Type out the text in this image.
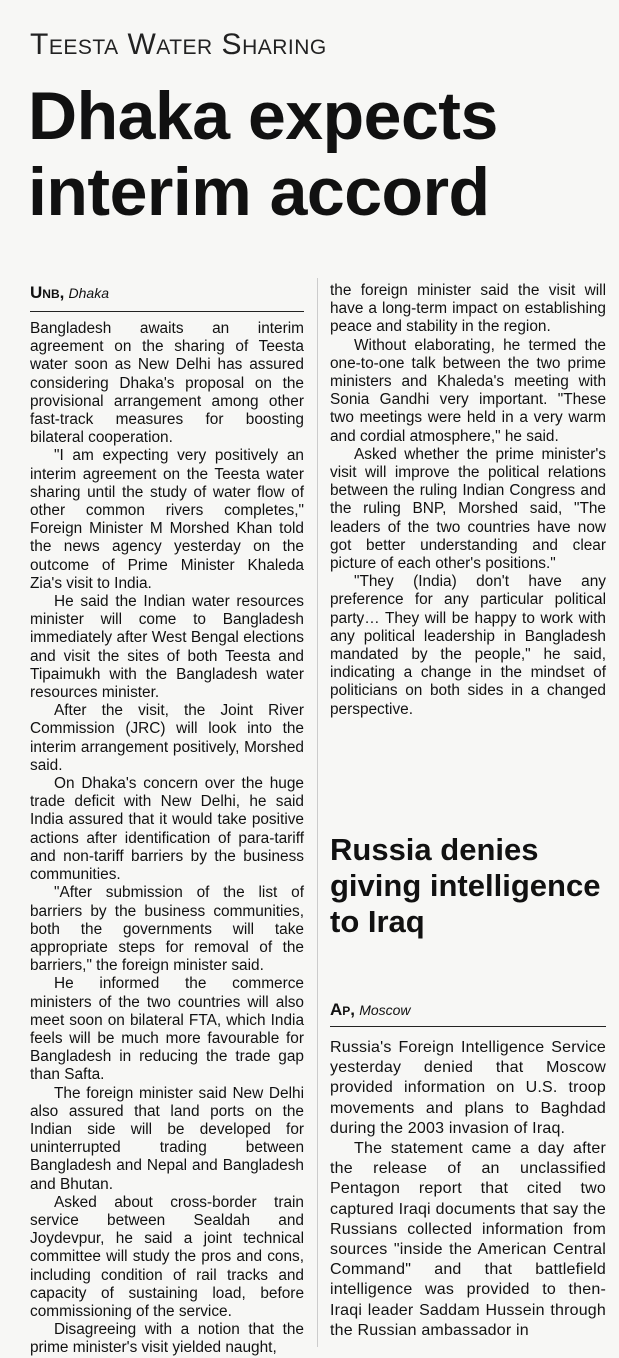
Teesta Water Sharing
Dhaka expects interim accord
Unb, Dhaka

Bangladesh awaits an interim agreement on the sharing of Teesta water soon as New Delhi has assured considering Dhaka's proposal on the provisional arrangement among other fast-track measures for boosting bilateral cooperation.

"I am expecting very positively an interim agreement on the Teesta water sharing until the study of water flow of other common rivers completes," Foreign Minister M Morshed Khan told the news agency yesterday on the outcome of Prime Minister Khaleda Zia's visit to India.

He said the Indian water resources minister will come to Bangladesh immediately after West Bengal elections and visit the sites of both Teesta and Tipaimukh with the Bangladesh water resources minister.

After the visit, the Joint River Commission (JRC) will look into the interim arrangement positively, Morshed said.

On Dhaka's concern over the huge trade deficit with New Delhi, he said India assured that it would take positive actions after identification of para-tariff and non-tariff barriers by the business communities.

"After submission of the list of barriers by the business communities, both the governments will take appropriate steps for removal of the barriers," the foreign minister said.

He informed the commerce ministers of the two countries will also meet soon on bilateral FTA, which India feels will be much more favourable for Bangladesh in reducing the trade gap than Safta.

The foreign minister said New Delhi also assured that land ports on the Indian side will be developed for uninterrupted trading between Bangladesh and Nepal and Bangladesh and Bhutan.

Asked about cross-border train service between Sealdah and Joydevpur, he said a joint technical committee will study the pros and cons, including condition of rail tracks and capacity of sustaining load, before commissioning of the service.

Disagreeing with a notion that the prime minister's visit yielded naught,

the foreign minister said the visit will have a long-term impact on establishing peace and stability in the region.

Without elaborating, he termed the one-to-one talk between the two prime ministers and Khaleda's meeting with Sonia Gandhi very important. "These two meetings were held in a very warm and cordial atmosphere," he said.

Asked whether the prime minister's visit will improve the political relations between the ruling Indian Congress and the ruling BNP, Morshed said, "The leaders of the two countries have now got better understanding and clear picture of each other's positions."

"They (India) don't have any preference for any particular political party… They will be happy to work with any political leadership in Bangladesh mandated by the people," he said, indicating a change in the mindset of politicians on both sides in a changed perspective.

Russia denies giving intelligence to Iraq
Ap, Moscow

Russia's Foreign Intelligence Service yesterday denied that Moscow provided information on U.S. troop movements and plans to Baghdad during the 2003 invasion of Iraq.

The statement came a day after the release of an unclassified Pentagon report that cited two captured Iraqi documents that say the Russians collected information from sources "inside the American Central Command" and that battlefield intelligence was provided to then-Iraqi leader Saddam Hussein through the Russian ambassador in
